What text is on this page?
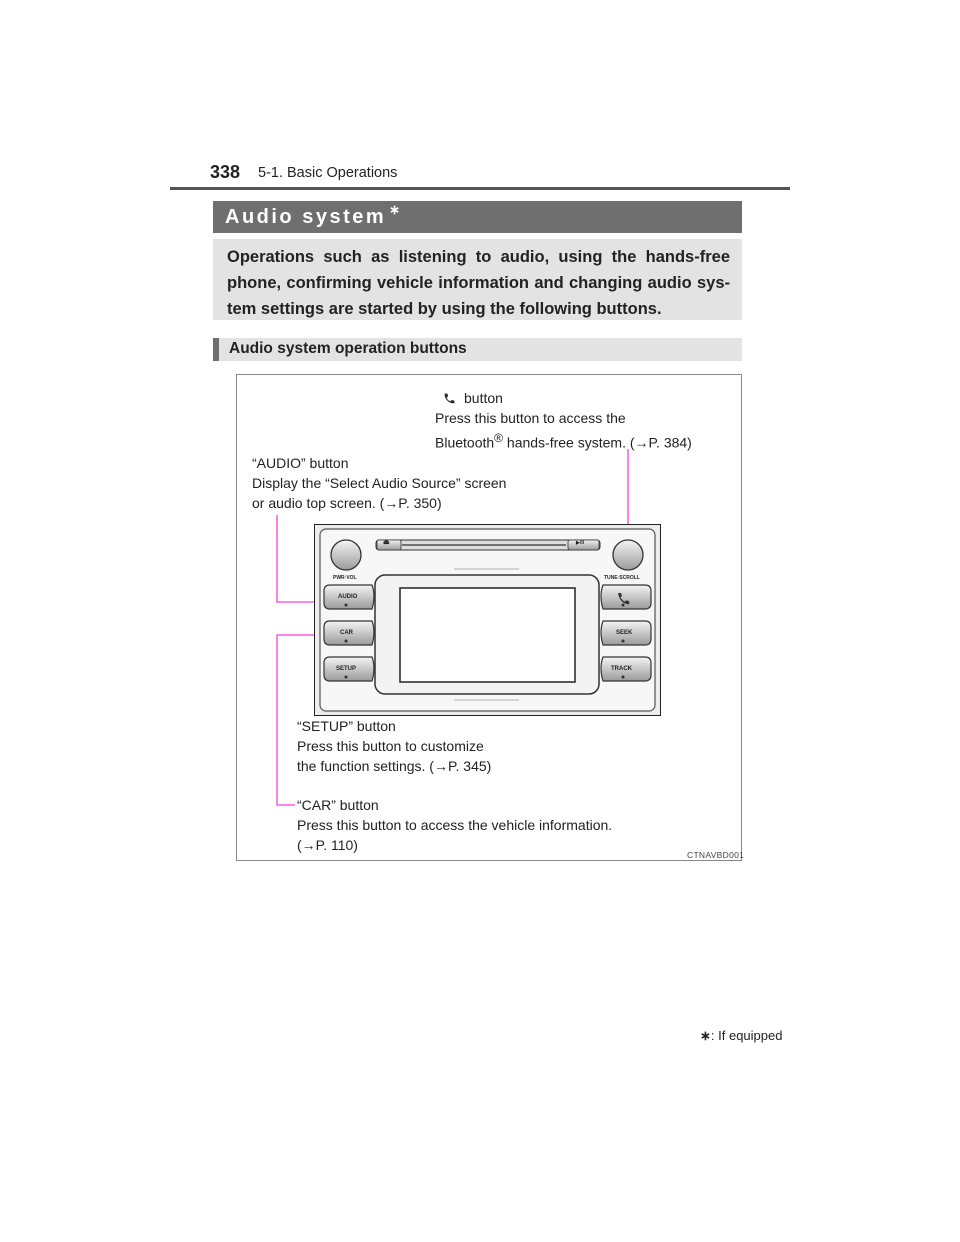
338 5-1. Basic Operations
Audio system ∗
Operations such as listening to audio, using the hands-free phone, confirming vehicle information and changing audio sys-tem settings are started by using the following buttons.
Audio system operation buttons
button
Press this button to access the
Bluetooth® hands-free system. (→P. 384)
“AUDIO” button
Display the “Select Audio Source” screen
or audio top screen. (→P. 350)
“SETUP” button
Press this button to customize
the function settings. (→P. 345)
“CAR” button
Press this button to access the vehicle information.
(→P. 110)
PWR·VOL	TUNE·SCROLL
⏏	▶/II
AUDIO
CAR
SETUP
SEEK
TRACK
CTNAVBD001
∗: If equipped
